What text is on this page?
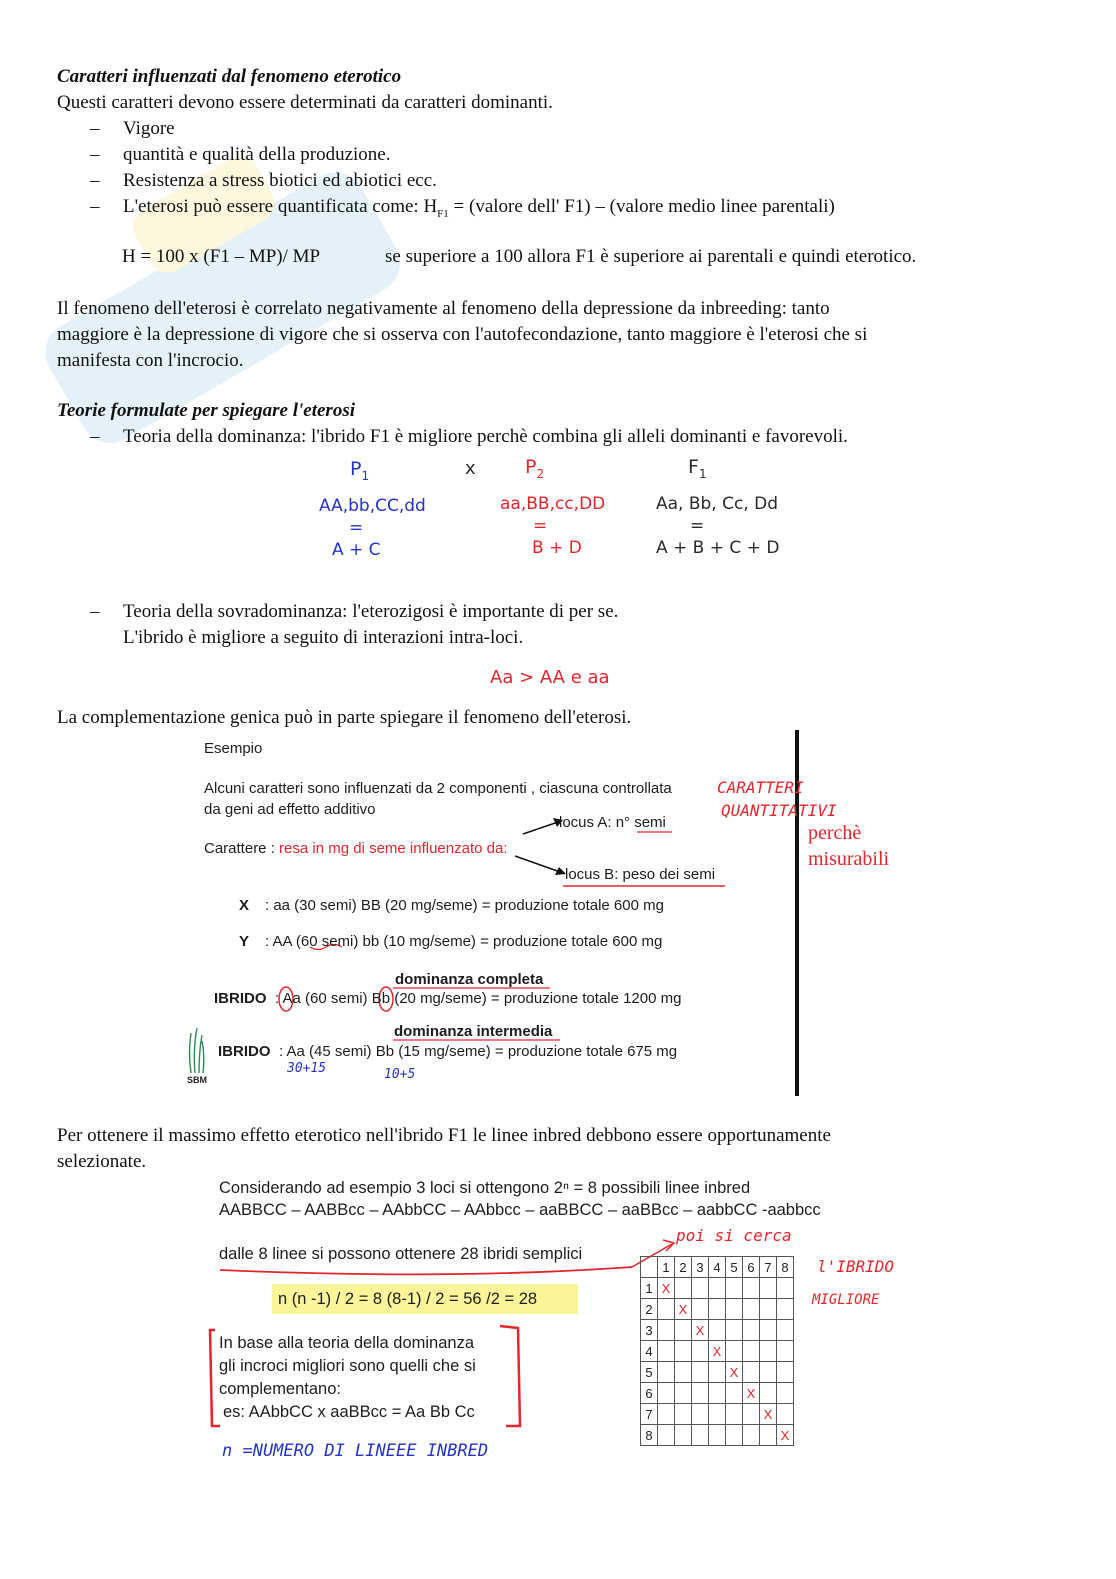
Caratteri influenzati dal fenomeno eterotico
Questi caratteri devono essere determinati da caratteri dominanti.
– Vigore
– quantità e qualità della produzione.
– Resistenza a stress biotici ed abiotici ecc.
– L'eterosi può essere quantificata come: $H_{F1}$ = (valore dell' F1) – (valore medio linee parentali)
H = 100 x (F1 – MP)/ MP	se superiore a 100 allora F1 è superiore ai parentali e quindi eterotico.
Il fenomeno dell'eterosi è correlato negativamente al fenomeno della depressione da inbreeding: tanto
maggiore è la depressione di vigore che si osserva con l'autofecondazione, tanto maggiore è l'eterosi che si
manifesta con l'incrocio.
Teorie formulate per spiegare l'eterosi
– Teoria della dominanza: l'ibrido F1 è migliore perchè combina gli alleli dominanti e favorevoli.
$P_1$	x	$P_2$	$F_1$
AA,bb,CC,dd	aa,BB,cc,DD	Aa, Bb, Cc, Dd
=	=	=
A + C	B + D	A + B + C + D
– Teoria della sovradominanza: l'eterozigosi è importante di per se.
L'ibrido è migliore a seguito di interazioni intra-loci.
Aa > AA e aa
La complementazione genica può in parte spiegare il fenomeno dell'eterosi.
Esempio
Alcuni caratteri sono influenzati da 2 componenti , ciascuna controllata
da geni ad effetto additivo
locus A: n° semi
Carattere : resa in mg di seme influenzato da:
locus B: peso dei semi
X : aa (30 semi) BB (20 mg/seme) = produzione totale 600 mg
Y : AA (60 semi) bb (10 mg/seme) = produzione totale 600 mg
dominanza completa
IBRIDO : Aa (60 semi) Bb (20 mg/seme) = produzione totale 1200 mg
dominanza intermedia
IBRIDO : Aa (45 semi) Bb (15 mg/seme) = produzione totale 675 mg
30+15	10+5
SBM
CARATTERI
QUANTITATIVI
perchè
misurabili
Per ottenere il massimo effetto eterotico nell'ibrido F1 le linee inbred debbono essere opportunamente
selezionate.
Considerando ad esempio 3 loci si ottengono 2ⁿ = 8 possibili linee inbred
AABBCC – AABBcc – AAbbCC – AAbbcc – aaBBCC – aaBBcc – aabbCC -aabbcc
dalle 8 linee si possono ottenere 28 ibridi semplici
n (n -1) / 2 = 8 (8-1) / 2 = 56 /2 = 28
In base alla teoria della dominanza
gli incroci migliori sono quelli che si
complementano:
es: AAbbCC x aaBBcc = Aa Bb Cc
n =NUMERO DI LINEEE INBRED
poi si cerca
l'IBRIDO
MIGLIORE
	1	2	3	4	5	6	7	8
1	X							
2		X						
3			X					
4				X				
5					X			
6						X		
7							X	
8								X
